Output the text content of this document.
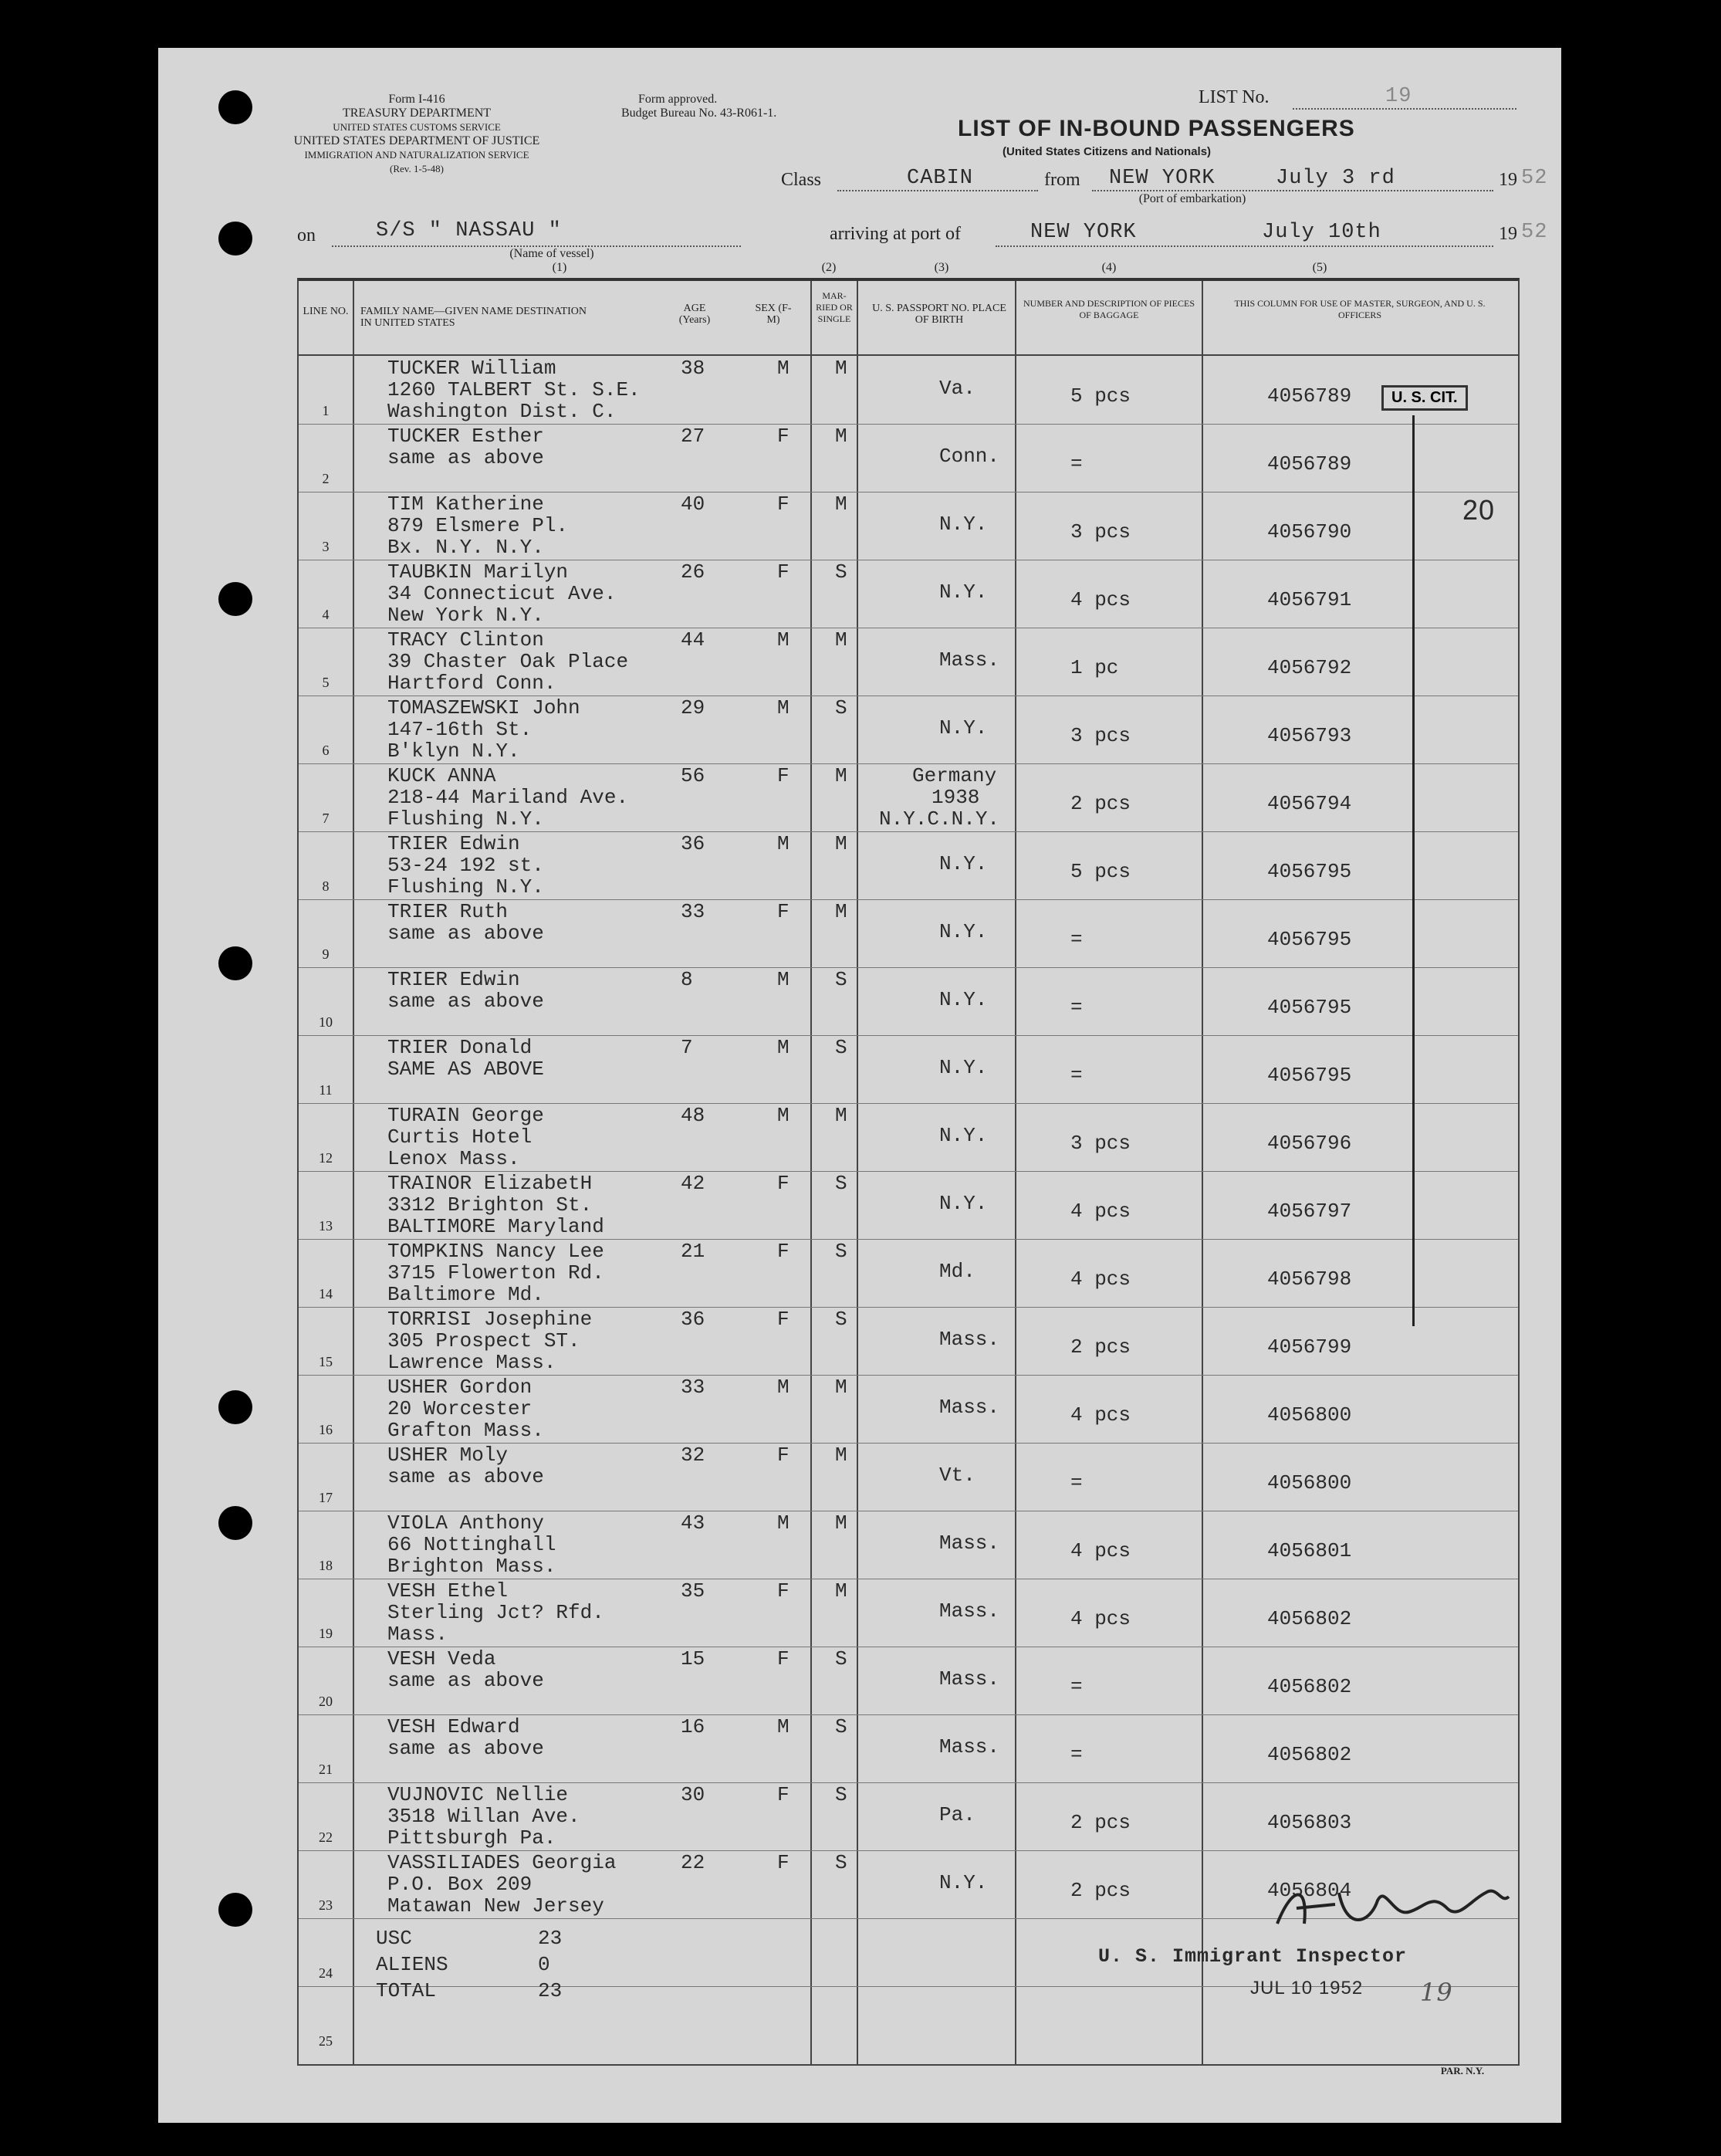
Form I-416
TREASURY DEPARTMENT
UNITED STATES CUSTOMS SERVICE
UNITED STATES DEPARTMENT OF JUSTICE
IMMIGRATION AND NATURALIZATION SERVICE
(Rev. 1-5-48)
Form approved.
Budget Bureau No. 43-R061-1.
LIST No.	19
LIST OF IN-BOUND PASSENGERS
(United States Citizens and Nationals)
Class	CABIN	from NEW YORK
(Port of embarkation)
July 3 rd	19 52
on	S/S " NASSAU "
(Name of vessel)
arriving at port of	NEW YORK	July 10th	19 52
(1)	(2)	(3)	(4)	(5)
LINE NO. FAMILY NAME—GIVEN NAME DESTINATION IN UNITED STATES
AGE (Years)
SEX (F-M)
MAR-RIED OR SINGLE
U. S. PASSPORT NO. PLACE OF BIRTH
NUMBER AND DESCRIPTION OF PIECES OF BAGGAGE
THIS COLUMN FOR USE OF MASTER, SURGEON, AND U. S. OFFICERS
1
TUCKER William
1260 TALBERT St. S.E.
Washington Dist. C.
38	M M
Va.	5 pcs	4056789
2
TUCKER Esther
same as above
27	F M
Conn.	=	4056789
3
TIM Katherine
879 Elsmere Pl.
Bx. N.Y. N.Y.
40	F M
N.Y.	3 pcs	4056790
4
TAUBKIN Marilyn
34 Connecticut Ave.
New York N.Y.
26	F S
N.Y.	4 pcs	4056791
5
TRACY Clinton
39 Chaster Oak Place
Hartford Conn.
44	M M
Mass.	1 pc	4056792
6
TOMASZEWSKI John
147-16th St.
B'klyn N.Y.
29	M S
N.Y.	3 pcs	4056793
7
KUCK ANNA
218-44 Mariland Ave.
Flushing N.Y.
56	F M	Germany
1938
N.Y.C.N.Y.
2 pcs	4056794
8
TRIER Edwin
53-24 192 st.
Flushing N.Y.
36	M M
N.Y.	5 pcs	4056795
9
TRIER Ruth
same as above
33	F M
N.Y.	=	4056795
10
TRIER Edwin
same as above
8	M S
N.Y.	=	4056795
11
TRIER Donald
SAME AS ABOVE
7	M S
N.Y.	=	4056795
12
TURAIN George
Curtis Hotel
Lenox Mass.
48	M M
N.Y.	3 pcs	4056796
13
TRAINOR ElizabetH
3312 Brighton St.
BALTIMORE Maryland
42	F S
N.Y.	4 pcs	4056797
14
TOMPKINS Nancy Lee
3715 Flowerton Rd.
Baltimore Md.
21	F S
Md.	4 pcs	4056798
15
TORRISI Josephine
305 Prospect ST.
Lawrence Mass.
36	F S
Mass.	2 pcs	4056799
16
USHER Gordon
20 Worcester
Grafton Mass.
33	M M
Mass.	4 pcs	4056800
17
USHER Moly
same as above
32	F M
Vt.	=	4056800
18
VIOLA Anthony
66 Nottinghall
Brighton Mass.
43	M M
Mass.	4 pcs	4056801
19
VESH Ethel
Sterling Jct? Rfd.
Mass.
35	F M
Mass.	4 pcs	4056802
20
VESH Veda
same as above
15	F S
Mass.	=	4056802
21
VESH Edward
same as above
16	M S
Mass.	=	4056802
22
VUJNOVIC Nellie
3518 Willan Ave.
Pittsburgh Pa.
30	F S
Pa.	2 pcs	4056803
23
VASSILIADES Georgia
P.O. Box 209
Matawan New Jersey
22	F S
N.Y.	2 pcs	4056804
24
25
USC	23
ALIENS	0
TOTAL	23
U. S. CIT.
20
U. S. Immigrant Inspector
JUL 10 1952 19
PAR. N.Y.
